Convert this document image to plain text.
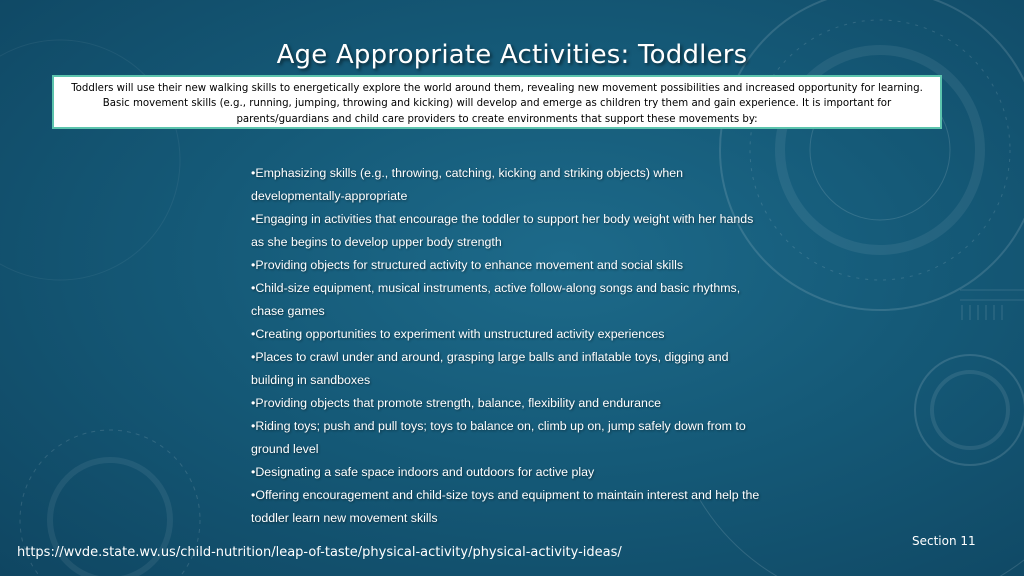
Age Appropriate Activities: Toddlers
Toddlers will use their new walking skills to energetically explore the world around them, revealing new movement possibilities and increased opportunity for learning. Basic movement skills (e.g., running, jumping, throwing and kicking) will develop and emerge as children try them and gain experience. It is important for parents/guardians and child care providers to create environments that support these movements by:
•Emphasizing skills (e.g., throwing, catching, kicking and striking objects) when developmentally-appropriate
•Engaging in activities that encourage the toddler to support her body weight with her hands as she begins to develop upper body strength
•Providing objects for structured activity to enhance movement and social skills
•Child-size equipment, musical instruments, active follow-along songs and basic rhythms, chase games
•Creating opportunities to experiment with unstructured activity experiences
•Places to crawl under and around, grasping large balls and inflatable toys, digging and building in sandboxes
•Providing objects that promote strength, balance, flexibility and endurance
•Riding toys; push and pull toys; toys to balance on, climb up on, jump safely down from to ground level
•Designating a safe space indoors and outdoors for active play
•Offering encouragement and child-size toys and equipment to maintain interest and help the toddler learn new movement skills
Section 11
https://wvde.state.wv.us/child-nutrition/leap-of-taste/physical-activity/physical-activity-ideas/
